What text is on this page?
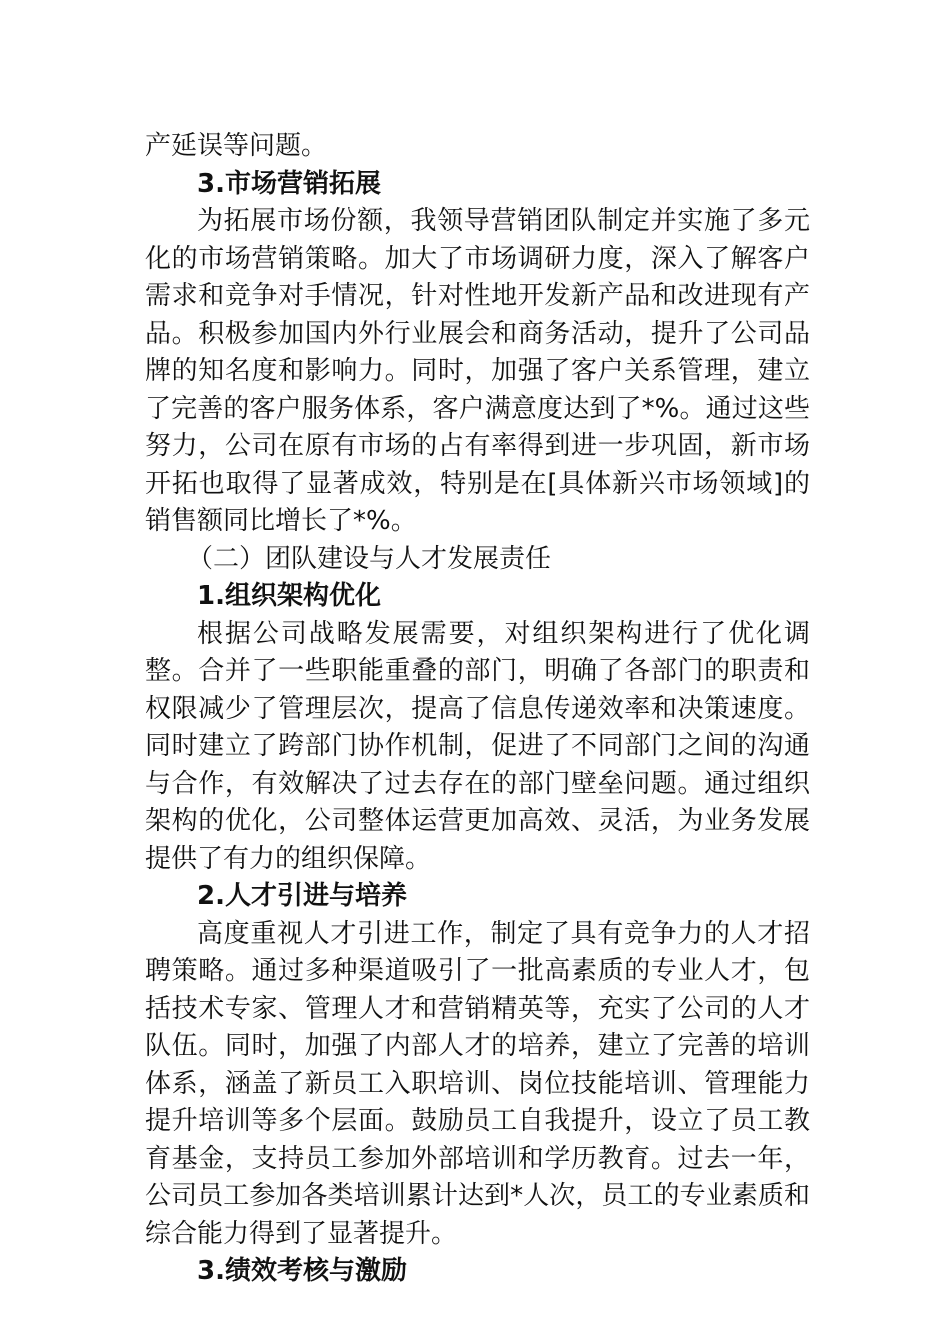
产延误等问题。

3.市场营销拓展

为拓展市场份额，我领导营销团队制定并实施了多元化的市场营销策略。加大了市场调研力度，深入了解客户需求和竞争对手情况，针对性地开发新产品和改进现有产品。积极参加国内外行业展会和商务活动，提升了公司品牌的知名度和影响力。同时，加强了客户关系管理，建立了完善的客户服务体系，客户满意度达到了*%。通过这些努力，公司在原有市场的占有率得到进一步巩固，新市场开拓也取得了显著成效，特别是在[具体新兴市场领域]的销售额同比增长了*%。

（二）团队建设与人才发展责任

1.组织架构优化

根据公司战略发展需要，对组织架构进行了优化调整。合并了一些职能重叠的部门，明确了各部门的职责和权限减少了管理层次，提高了信息传递效率和决策速度。同时建立了跨部门协作机制，促进了不同部门之间的沟通与合作，有效解决了过去存在的部门壁垒问题。通过组织架构的优化，公司整体运营更加高效、灵活，为业务发展提供了有力的组织保障。

2.人才引进与培养

高度重视人才引进工作，制定了具有竞争力的人才招聘策略。通过多种渠道吸引了一批高素质的专业人才，包括技术专家、管理人才和营销精英等，充实了公司的人才队伍。同时，加强了内部人才的培养，建立了完善的培训体系，涵盖了新员工入职培训、岗位技能培训、管理能力提升培训等多个层面。鼓励员工自我提升，设立了员工教育基金，支持员工参加外部培训和学历教育。过去一年，公司员工参加各类培训累计达到*人次，员工的专业素质和综合能力得到了显著提升。

3.绩效考核与激励
